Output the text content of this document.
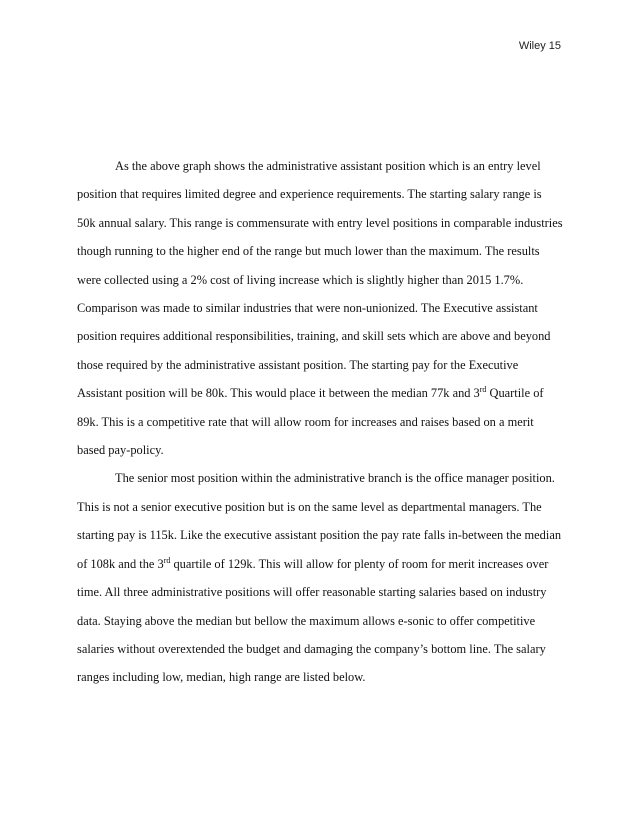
Wiley 15

As the above graph shows the administrative assistant position which is an entry level position that requires limited degree and experience requirements. The starting salary range is 50k annual salary. This range is commensurate with entry level positions in comparable industries though running to the higher end of the range but much lower than the maximum. The results were collected using a 2% cost of living increase which is slightly higher than 2015 1.7%. Comparison was made to similar industries that were non-unionized. The Executive assistant position requires additional responsibilities, training, and skill sets which are above and beyond those required by the administrative assistant position. The starting pay for the Executive Assistant position will be 80k. This would place it between the median 77k and 3rd Quartile of 89k. This is a competitive rate that will allow room for increases and raises based on a merit based pay-policy.

The senior most position within the administrative branch is the office manager position. This is not a senior executive position but is on the same level as departmental managers. The starting pay is 115k. Like the executive assistant position the pay rate falls in-between the median of 108k and the 3rd quartile of 129k. This will allow for plenty of room for merit increases over time. All three administrative positions will offer reasonable starting salaries based on industry data. Staying above the median but bellow the maximum allows e-sonic to offer competitive salaries without overextended the budget and damaging the company’s bottom line. The salary ranges including low, median, high range are listed below.
